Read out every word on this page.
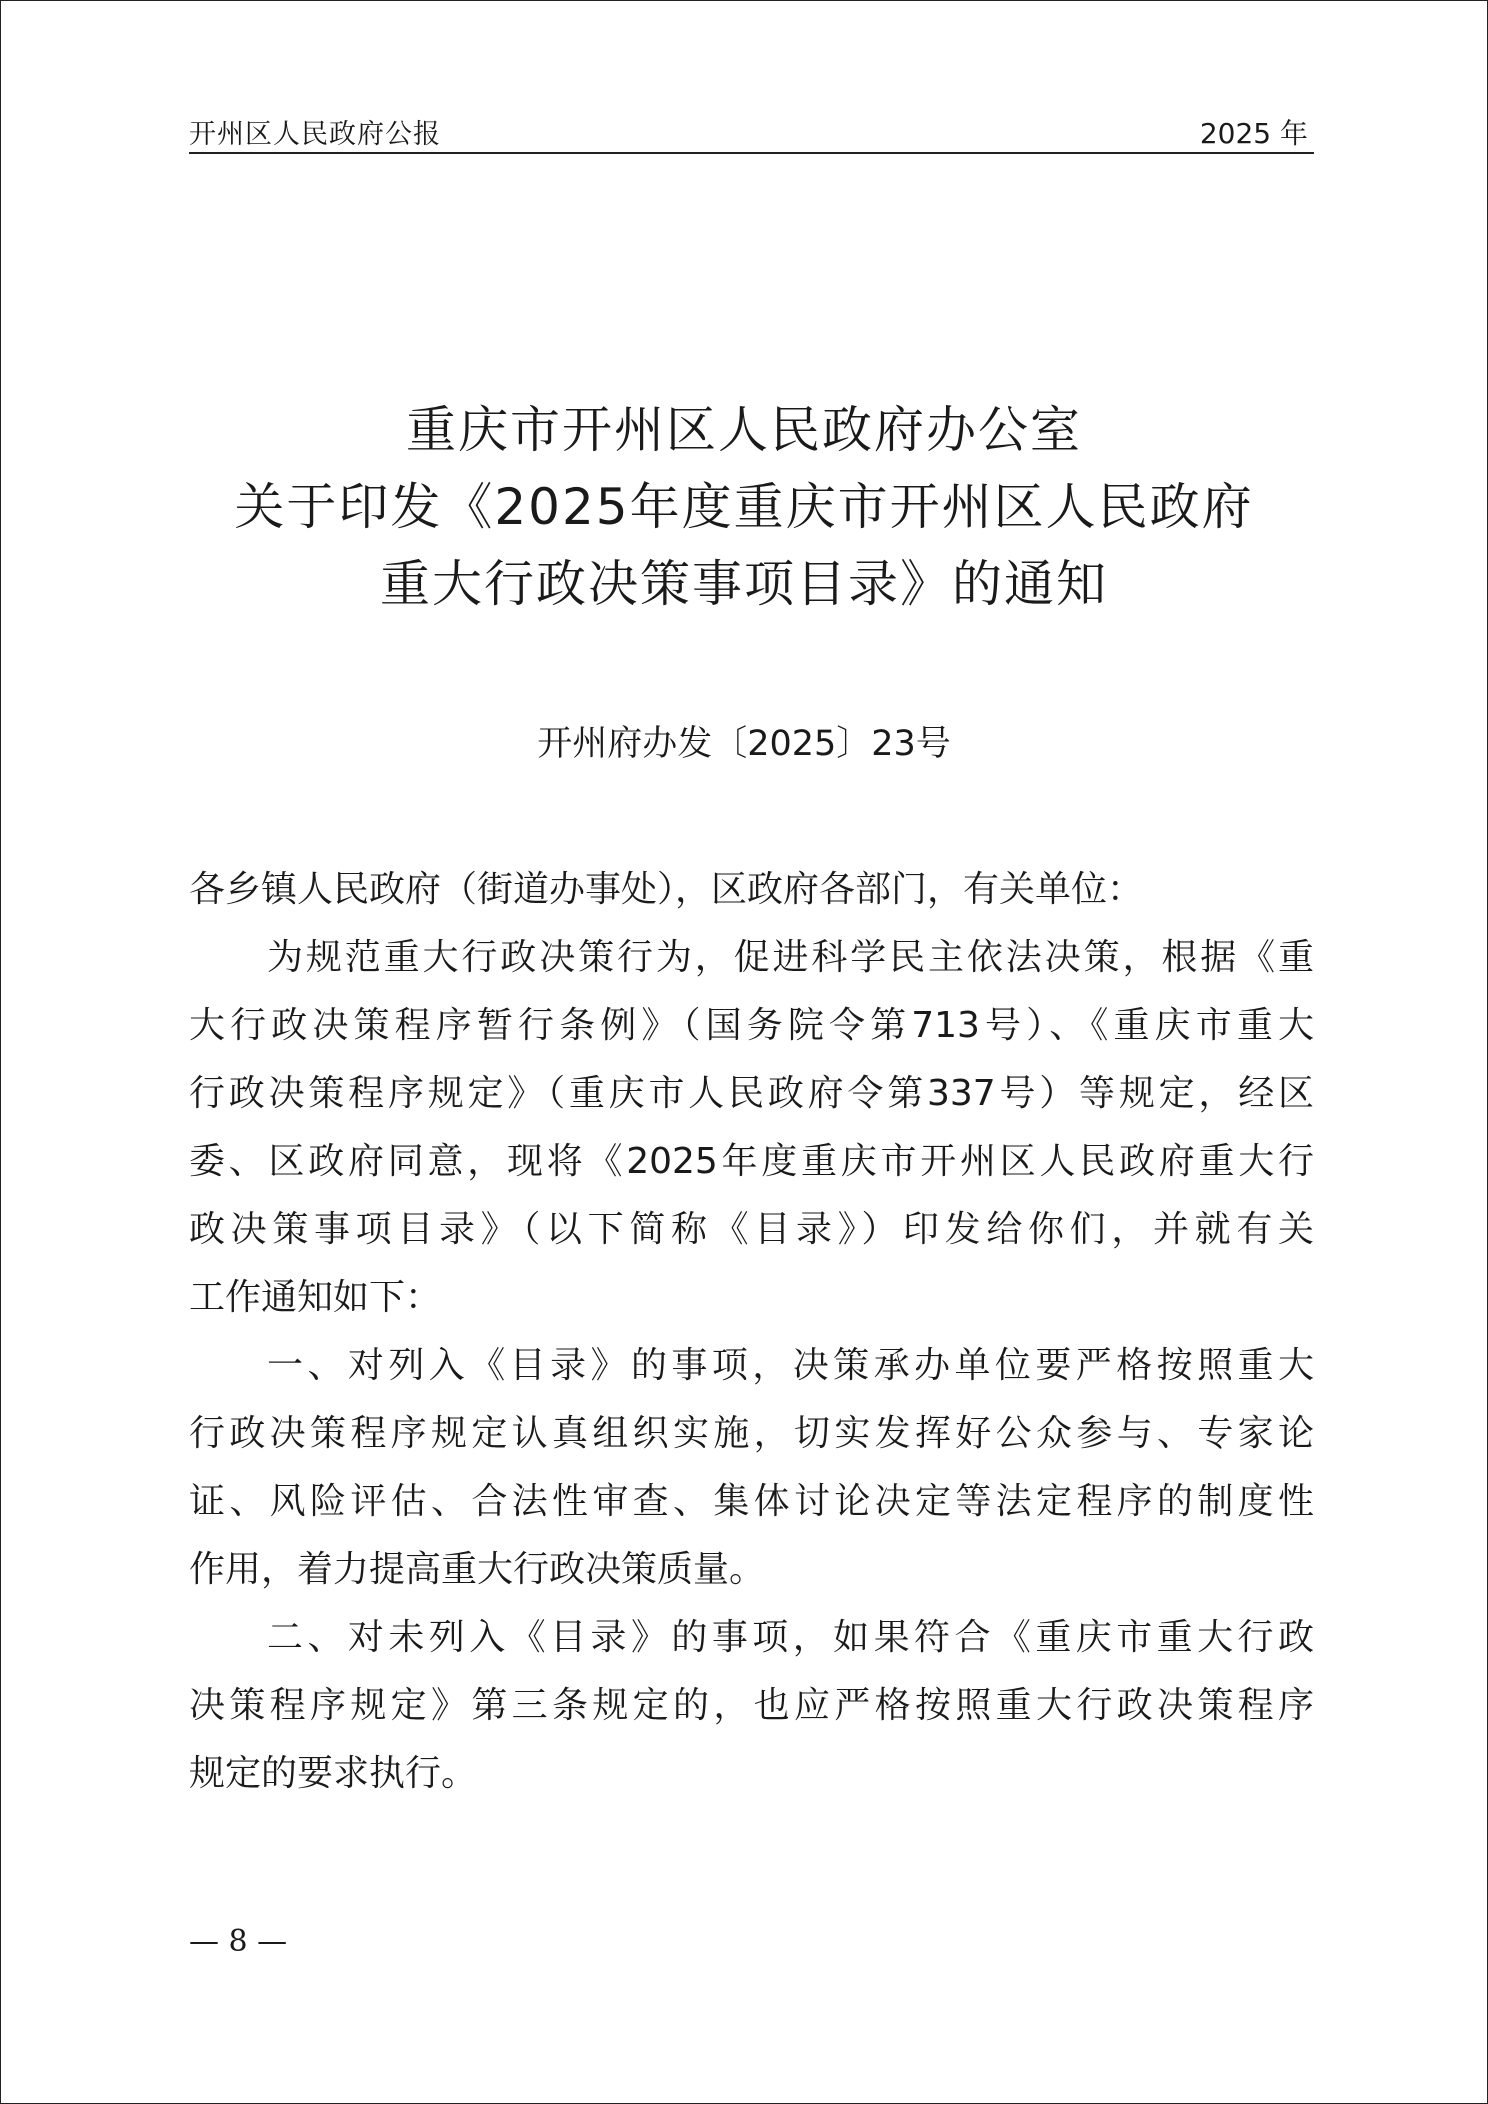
开州区人民政府公报	2025 年
重庆市开州区人民政府办公室
关于印发《2025年度重庆市开州区人民政府
重大行政决策事项目录》的通知
开州府办发〔2025〕23号
各乡镇人民政府（街道办事处），区政府各部门，有关单位：
为规范重大行政决策行为，促进科学民主依法决策，根据《重
大行政决策程序暂行条例》（国务院令第713号）、《重庆市重大
行政决策程序规定》（重庆市人民政府令第337号）等规定，经区
委、区政府同意，现将《2025年度重庆市开州区人民政府重大行
政决策事项目录》（以下简称《目录》）印发给你们，并就有关
工作通知如下：
一、对列入《目录》的事项，决策承办单位要严格按照重大
行政决策程序规定认真组织实施，切实发挥好公众参与、专家论
证、风险评估、合法性审查、集体讨论决定等法定程序的制度性
作用，着力提高重大行政决策质量。
二、对未列入《目录》的事项，如果符合《重庆市重大行政
决策程序规定》第三条规定的，也应严格按照重大行政决策程序
规定的要求执行。
— 8 —
